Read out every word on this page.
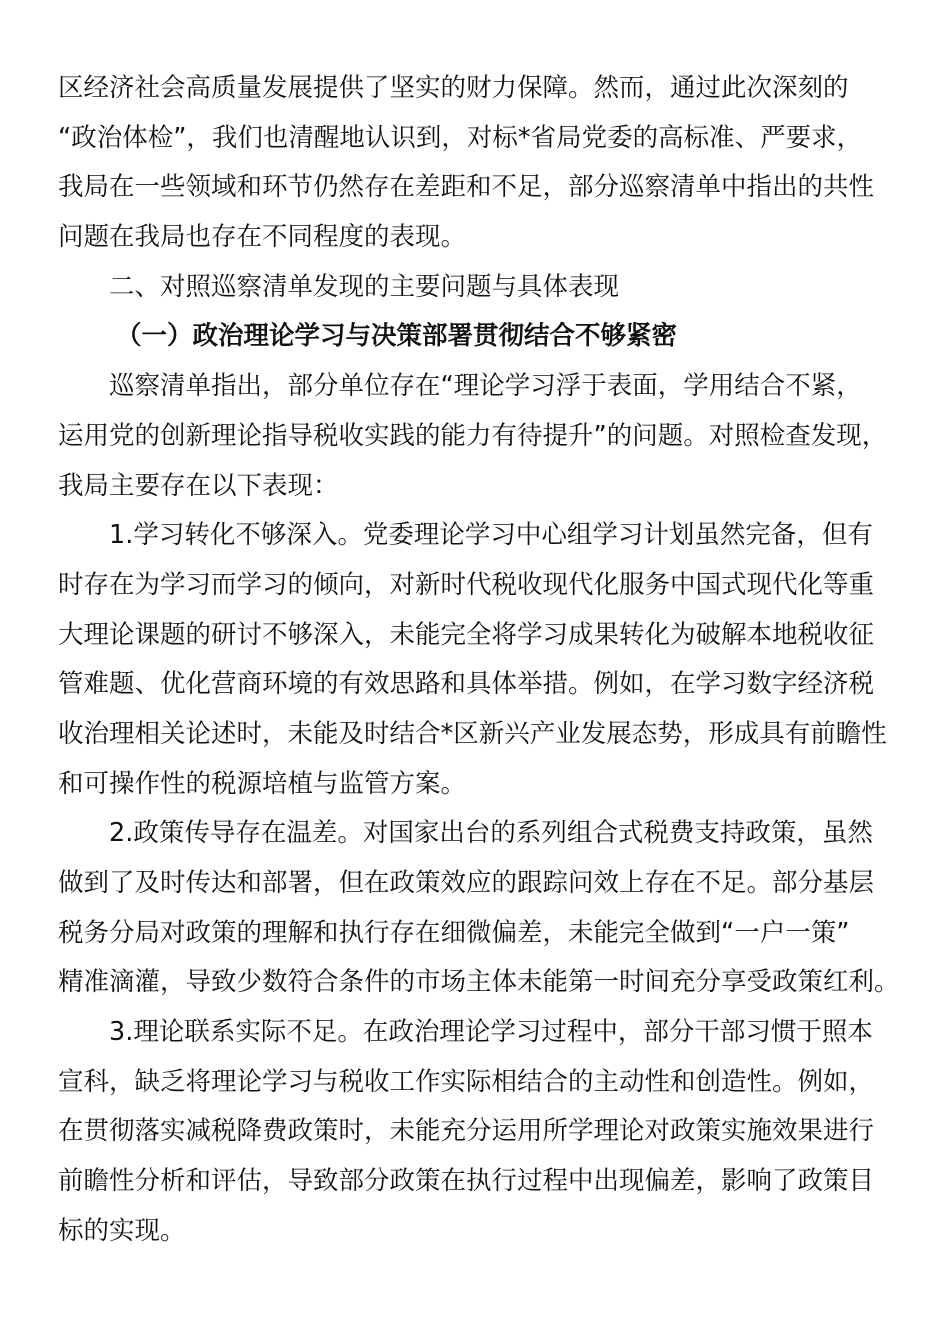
区经济社会高质量发展提供了坚实的财力保障。然而，通过此次深刻的
“政治体检”，我们也清醒地认识到，对标*省局党委的高标准、严要求，
我局在一些领域和环节仍然存在差距和不足，部分巡察清单中指出的共性
问题在我局也存在不同程度的表现。
二、对照巡察清单发现的主要问题与具体表现
（一）政治理论学习与决策部署贯彻结合不够紧密
巡察清单指出，部分单位存在“理论学习浮于表面，学用结合不紧，
运用党的创新理论指导税收实践的能力有待提升”的问题。对照检查发现，
我局主要存在以下表现：
1.学习转化不够深入。党委理论学习中心组学习计划虽然完备，但有
时存在为学习而学习的倾向，对新时代税收现代化服务中国式现代化等重
大理论课题的研讨不够深入，未能完全将学习成果转化为破解本地税收征
管难题、优化营商环境的有效思路和具体举措。例如，在学习数字经济税
收治理相关论述时，未能及时结合*区新兴产业发展态势，形成具有前瞻性
和可操作性的税源培植与监管方案。
2.政策传导存在温差。对国家出台的系列组合式税费支持政策，虽然
做到了及时传达和部署，但在政策效应的跟踪问效上存在不足。部分基层
税务分局对政策的理解和执行存在细微偏差，未能完全做到“一户一策”
精准滴灌，导致少数符合条件的市场主体未能第一时间充分享受政策红利。
3.理论联系实际不足。在政治理论学习过程中，部分干部习惯于照本
宣科，缺乏将理论学习与税收工作实际相结合的主动性和创造性。例如，
在贯彻落实减税降费政策时，未能充分运用所学理论对政策实施效果进行
前瞻性分析和评估，导致部分政策在执行过程中出现偏差，影响了政策目
标的实现。
